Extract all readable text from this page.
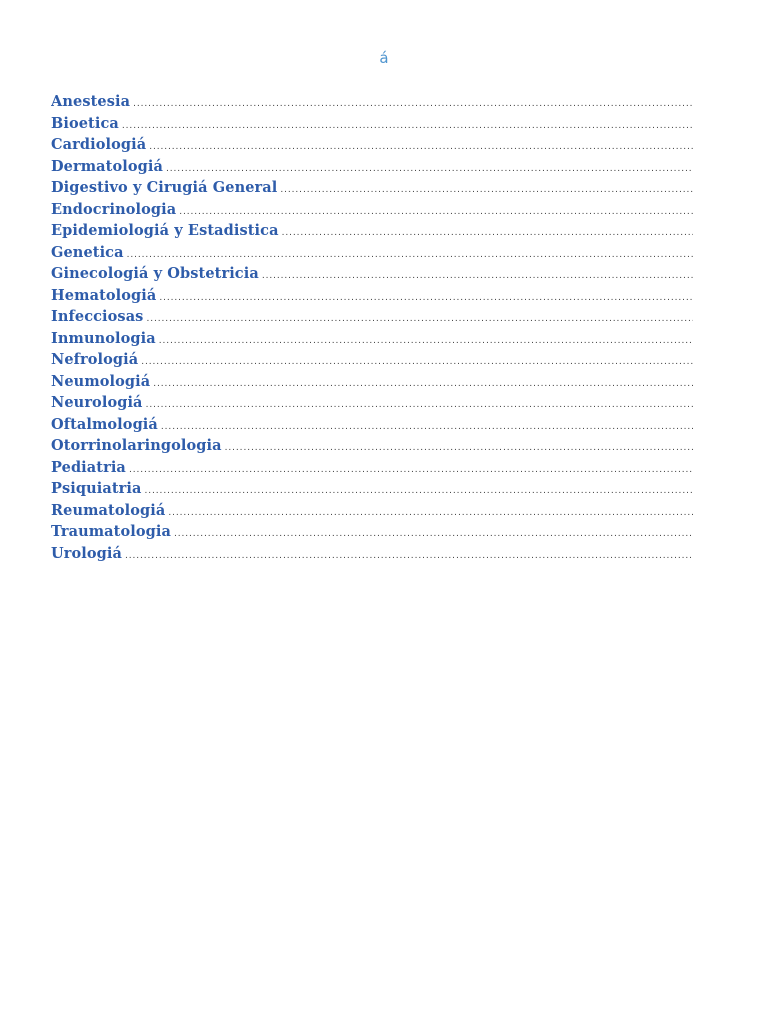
á
Anestesia
.....
Bioetica
.....
Cardiologiá
.....
Dermatologiá
.....
Digestivo y Cirugiá General
.....
Endocrinologia
.....
Epidemiologiá y Estadistica
.....
Genetica
.....
Ginecologiá y Obstetricia
.....
Hematologiá
.....
Infecciosas
.....
Inmunologia
.....
Nefrologiá
.....
Neumologiá
.....
Neurologiá
.....
Oftalmologiá
.....
Otorrinolaringologia
.....
Pediatria
.....
Psiquiatria
.....
Reumatologiá
.....
Traumatologia
.....
Urologiá
.....
